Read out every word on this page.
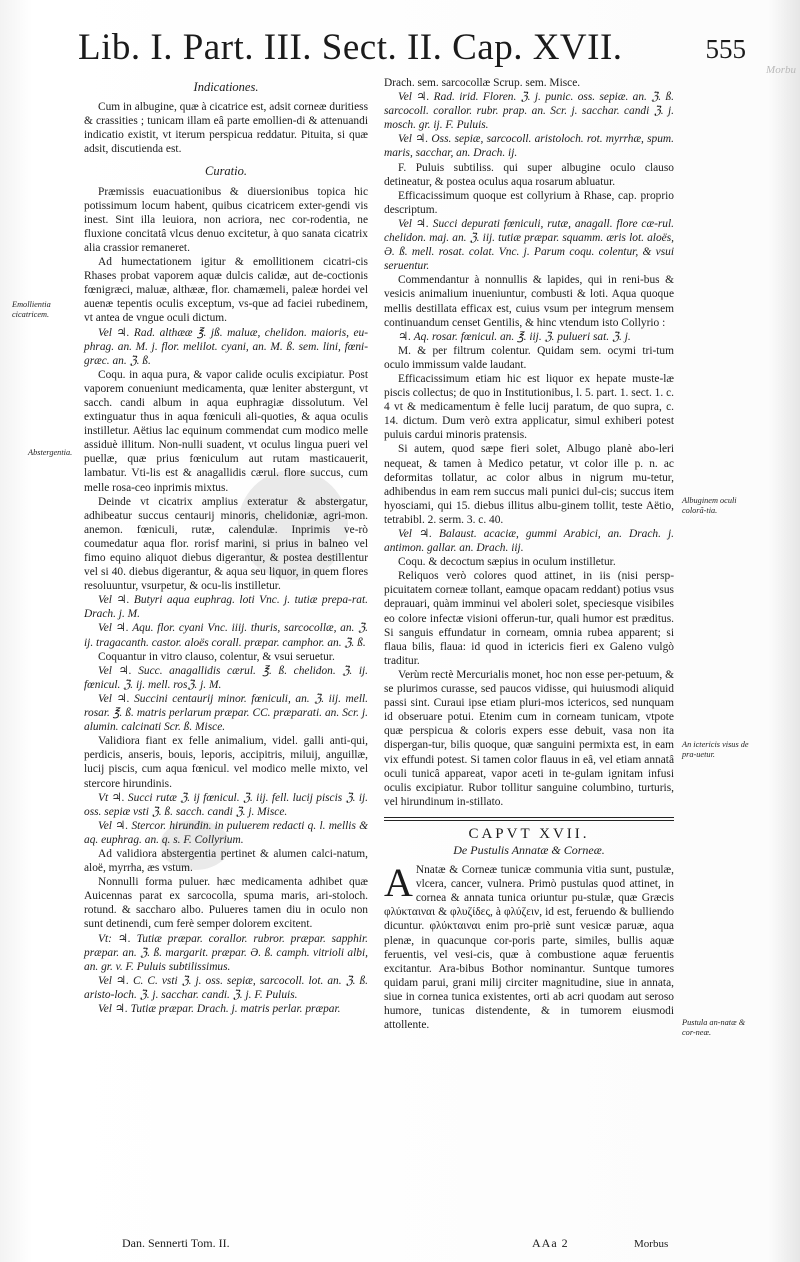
Morbu
Lib. I. Part. III. Sect. II. Cap. XVII.	555
Indicationes.

Cum in albugine, quæ à cicatrice est, adsit corneæ duritiess & crassities ; tunicam illam eâ parte emollien-di & attenuandi indicatio existit, vt iterum perspicua reddatur. Pituita, si quæ adsit, discutienda est.

Curatio.

Præmissis euacuationibus & diuersionibus topica hic potissimum locum habent, quibus cicatricem exter-gendi vis inest. Sint illa leuiora, non acriora, nec cor-rodentia, ne fluxione concitatâ vlcus denuo excitetur, à quo sanata cicatrix alia crassior remaneret.

Ad humectationem igitur & emollitionem cicatri-cis Rhases probat vaporem aquæ dulcis calidæ, aut de-coctionis fœnigræci, maluæ, althææ, flor. chamæmeli, paleæ hordei vel auenæ tepentis oculis exceptum, vs-que ad faciei rubedinem, vt antea de vngue oculi dictum.

Vel ♃. Rad. althææ ℥. jß. maluæ, chelidon. maioris, eu-phrag. an. M. j. flor. melilot. cyani, an. M. ß. sem. lini, fœni-græc. an. ℨ. ß.

Coqu. in aqua pura, & vapor calide oculis excipiatur. Post vaporem conueniunt medicamenta, quæ leniter abstergunt, vt sacch. candi album in aqua euphragiæ dissolutum. Vel extinguatur thus in aqua fœniculi ali-quoties, & aqua oculis instilletur. Aëtius lac equinum commendat cum modico melle assiduè illitum. Non-nulli suadent, vt oculus lingua pueri vel puellæ, quæ prius fœniculum aut rutam masticauerit, lambatur. Vti-lis est & anagallidis cærul. flore succus, cum melle rosa-ceo inprimis mixtus.

Deinde vt cicatrix amplius exteratur & abstergatur, adhibeatur succus centaurij minoris, chelidoniæ, agri-mon. anemon. fœniculi, rutæ, calendulæ. Inprimis ve-rò coumedatur aqua flor. rorisf marini, si prius in balneo vel fimo equino aliquot diebus digerantur, & postea destillentur vel si 40. diebus digerantur, & aqua seu liquor, in quem flores resoluuntur, vsurpetur, & ocu-lis instilletur.

Vel ♃. Butyri aqua euphrag. loti Vnc. j. tutiæ prepa-rat. Drach. j. M.

Vel ♃. Aqu. flor. cyani Vnc. iiij. thuris, sarcocollæ, an. ℨ. ij. tragacanth. castor. aloës corall. præpar. camphor. an. ℨ. ß.

Coquantur in vitro clauso, colentur, & vsui seruetur.

Vel ♃. Succ. anagallidis cærul. ℥. ß. chelidon. ℨ. ij. fœnicul. ℨ. ij. mell. rosℨ. j. M.

Vel ♃. Succini centaurij minor. fœniculi, an. ℨ. iij. mell. rosar. ℥. ß. matris perlarum præpar. CC. præparati. an. Scr. j. alumin. calcinati Scr. ß. Misce.

Validiora fiant ex felle animalium, videl. galli anti-qui, perdicis, anseris, bouis, leporis, accipitris, miluij, anguillæ, lucij piscis, cum aqua fœnicul. vel modico melle mixto, vel stercore hirundinis.

Vt ♃. Succi rutæ ℨ. ij fœnicul. ℨ. iij. fell. lucij piscis ℨ. ij. oss. sepiæ vsti ℨ. ß. sacch. candi ℨ. j. Misce.

Vel ♃. Stercor. hirundin. in puluerem redacti q. l. mellis & aq. euphrag. an. q. s. F. Collyrium.

Ad validiora abstergentia pertinet & alumen calci-natum, aloë, myrrha, æs vstum.

Nonnulli forma puluer. hæc medicamenta adhibet quæ Auicennas parat ex sarcocolla, spuma maris, ari-stoloch. rotund. & saccharo albo. Pulueres tamen diu in oculo non sunt detinendi, cum ferè semper dolorem excitent.

Vt: ♃. Tutiæ præpar. corallor. rubror. præpar. sapphir. præpar. an. ℨ. ß. margarit. præpar. Ə. ß. camph. vitrioli albi, an. gr. v. F. Puluis subtilissimus.

Vel ♃. C. C. vsti ℨ. j. oss. sepiæ, sarcocoll. lot. an. ℨ. ß. aristo-loch. ℨ. j. sacchar. candi. ℨ. j. F. Puluis.

Vel ♃. Tutiæ præpar. Drach. j. matris perlar. præpar.

Drach. sem. sarcocollæ Scrup. sem. Misce.

Vel ♃. Rad. irid. Floren. ℨ. j. punic. oss. sepiæ. an. ℨ. ß. sarcocoll. corallor. rubr. prap. an. Scr. j. sacchar. candi ℨ. j. mosch. gr. ij. F. Puluis.

Vel ♃. Oss. sepiæ, sarcocoll. aristoloch. rot. myrrhæ, spum. maris, sacchar, an. Drach. ij.

F. Puluis subtiliss. qui super albugine oculo clauso detineatur, & postea oculus aqua rosarum abluatur.

Efficacissimum quoque est collyrium à Rhase, cap. proprio descriptum.

Vel ♃. Succi depurati fœniculi, rutæ, anagall. flore cæ-rul. chelidon. maj. an. ℨ. iij. tutiæ præpar. squamm. æris lot. aloës, Ə. ß. mell. rosat. colat. Vnc. j. Parum coqu. colentur, & vsui seruentur.

Commendantur à nonnullis & lapides, qui in reni-bus & vesicis animalium inueniuntur, combusti & loti. Aqua quoque mellis destillata efficax est, cuius vsum per integrum mensem continuandum censet Gentilis, & hinc vtendum isto Collyrio :

♃. Aq. rosar. fœnicul. an. ℥. iij. ℨ. pulueri sat. ℨ. j.

M. & per filtrum colentur. Quidam sem. ocymi tri-tum oculo immissum valde laudant.

Efficacissimum etiam hic est liquor ex hepate muste-læ piscis collectus; de quo in Institutionibus, l. 5. part. 1. sect. 1. c. 4 vt & medicamentum è felle lucij paratum, de quo supra, c. 14. dictum. Dum verò extra applicatur, simul exhiberi potest puluis cardui minoris pratensis.

Si autem, quod sæpe fieri solet, Albugo planè abo-leri nequeat, & tamen à Medico petatur, vt color ille p. n. ac deformitas tollatur, ac color albus in nigrum mu-tetur, adhibendus in eam rem succus mali punici dul-cis; succus item hyosciami, qui 15. diebus illitus albu-ginem tollit, teste Aëtio, tetrabibl. 2. serm. 3. c. 40.

Vel ♃. Balaust. acaciæ, gummi Arabici, an. Drach. j. antimon. gallar. an. Drach. iij.

Coqu. & decoctum sæpius in oculum instilletur.

Reliquos verò colores quod attinet, in iis (nisi persp-picuitatem corneæ tollant, eamque opacam reddant) potius vsus deprauari, quàm imminui vel aboleri solet, speciesque visibiles eo colore infectæ visioni offerun-tur, quali humor est præditus. Si sanguis effundatur in corneam, omnia rubea apparent; si flaua bilis, flaua: id quod in ictericis fieri ex Galeno vulgò traditur.

Verùm rectè Mercurialis monet, hoc non esse per-petuum, & se plurimos curasse, sed paucos vidisse, qui huiusmodi aliquid passi sint. Curaui ipse etiam pluri-mos ictericos, sed nunquam id obseruare potui. Etenim cum in corneam tunicam, vtpote quæ perspicua & coloris expers esse debuit, vasa non ita dispergan-tur, bilis quoque, quæ sanguini permixta est, in eam vix effundi potest. Si tamen color flauus in eâ, vel etiam annatâ oculi tunicâ appareat, vapor aceti in te-gulam ignitam infusi oculis excipiatur. Rubor tollitur sanguine columbino, turturis, vel hirundinum in-stillato.

CAPVT XVII.
De Pustulis Annatæ & Corneæ.

A Nnatæ & Corneæ tunicæ communia vitia sunt, pustulæ, vlcera, cancer, vulnera. Primò pustulas quod attinet, in cornea & annata tunica oriuntur pu-stulæ, quæ Græcis φλύκταιναι & φλυζίδες, à φλύζειν, id est, feruendo & bulliendo dicuntur. φλύκταιναι enim pro-priè sunt vesicæ paruæ, aqua plenæ, in quacunque cor-poris parte, similes, bullis aquæ feruentis, vel vesi-cis, quæ à combustione aquæ feruentis excitantur. Ara-bibus Bothor nominantur. Suntque tumores quidam parui, grani milij circiter magnitudine, siue in annata, siue in cornea tunica existentes, orti ab acri quodam aut seroso humore, tunicas distendente, & in tumorem eiusmodi attollente.

Emollientia cicatricem.
Abstergentia.
Albuginem oculi colorã-tia.
An ictericis visus de pra-uetur.
Pustula an-natæ & cor-neæ.
Dan. Sennerti Tom. II.	AAa 2	Morbus
